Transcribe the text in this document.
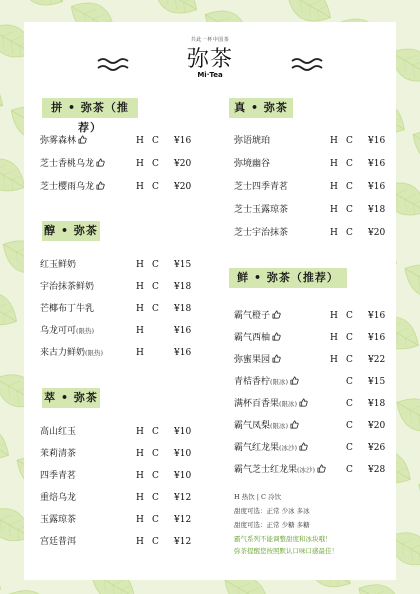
共此一杯中国茶
弥茶
Mi·Tea
拼 • 弥茶（推荐）
弥雾森林	H C ¥16
芝士香桃乌龙	H C ¥20
芝士樱雨乌龙	H C ¥20
醇 • 弥茶
红玉鲜奶	H C ¥15
宇治抹茶鲜奶	H C ¥18
芒椰布丁牛乳	H C ¥18
乌龙可可(限热)	H	¥16
来古力鲜奶(限热)	H	¥16
萃 • 弥茶
高山红玉	H C ¥10
茉莉清茶	H C ¥10
四季青茗	H C ¥10
重焙乌龙	H C ¥12
玉露琼茶	H C ¥12
宫廷普洱	H C ¥12
真 • 弥茶
弥语琥珀	H C ¥16
弥境幽谷	H C ¥16
芝士四季青茗	H C ¥16
芝士玉露琼茶	H C ¥18
芝士宇治抹茶	H C ¥20
鲜 • 弥茶（推荐）
霸气橙子	H C ¥16
霸气西柚	H C ¥16
弥蜜果园	H C ¥22
青桔香柠(限冰)	C ¥15
满杯百香果(限冰)	C ¥18
霸气凤梨(限冰)	C ¥20
霸气红龙果(冰沙)	C ¥26
霸气芝士红龙果(冰沙)	C ¥28
H 热饮 | C 冷饮
甜度可选：正常 少冰 多冰
甜度可选：正常 少糖 多糖
霸气系列不能调整甜度和冰块哦！
弥茶提醒您按照默认口味口感最佳！
